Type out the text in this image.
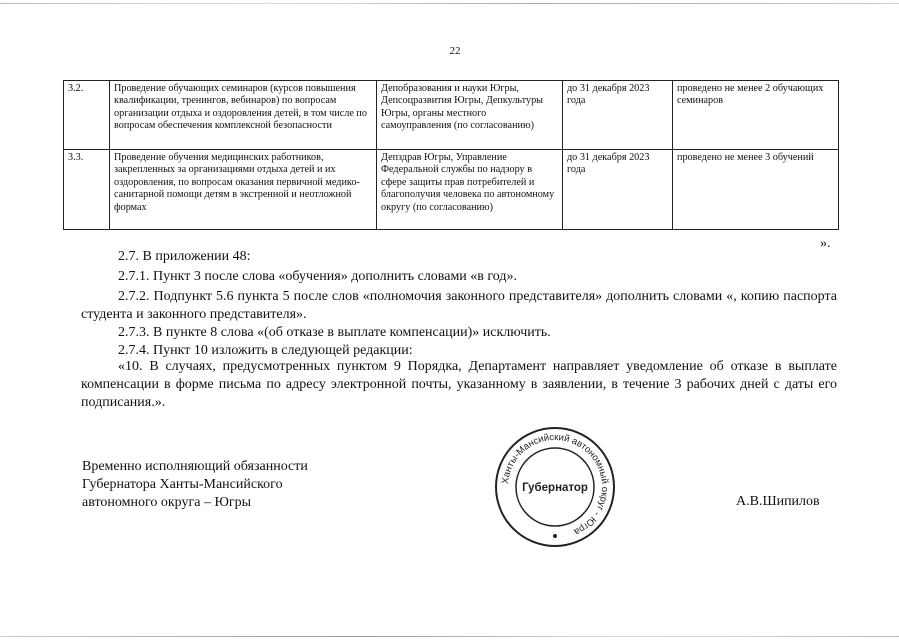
22
3.2.	Проведение обучающих семинаров (курсов повышения квалификации, тренингов, вебинаров) по вопросам организации отдыха и оздоровления детей, в том числе по вопросам обеспечения комплексной безопасности	Депобразования и науки Югры, Депсоцразвития Югры, Депкультуры Югры, органы местного самоуправления (по согласованию)	до 31 декабря 2023 года	проведено не менее 2 обучающих семинаров
3.3.	Проведение обучения медицинских работников, закрепленных за организациями отдыха детей и их оздоровления, по вопросам оказания первичной медико-санитарной помощи детям в экстренной и неотложной формах	Депздрав Югры, Управление Федеральной службы по надзору в сфере защиты прав потребителей и благополучия человека по автономному округу (по согласованию)	до 31 декабря 2023 года	проведено не менее 3 обучений
».
2.7. В приложении 48:
2.7.1. Пункт 3 после слова «обучения» дополнить словами «в год».
2.7.2. Подпункт 5.6 пункта 5 после слов «полномочия законного представителя» дополнить словами «, копию паспорта студента и законного представителя».
2.7.3. В пункте 8 слова «(об отказе в выплате компенсации)» исключить.
2.7.4. Пункт 10 изложить в следующей редакции:
«10. В случаях, предусмотренных пунктом 9 Порядка, Департамент направляет уведомление об отказе в выплате компенсации в форме письма по адресу электронной почты, указанному в заявлении, в течение 3 рабочих дней с даты его подписания.».
Временно исполняющий обязанности
Губернатора Ханты-Мансийского
автономного округа – Югры
Ханты-Мансийский автономный округ - Югра
Губернатор
А.В.Шипилов
